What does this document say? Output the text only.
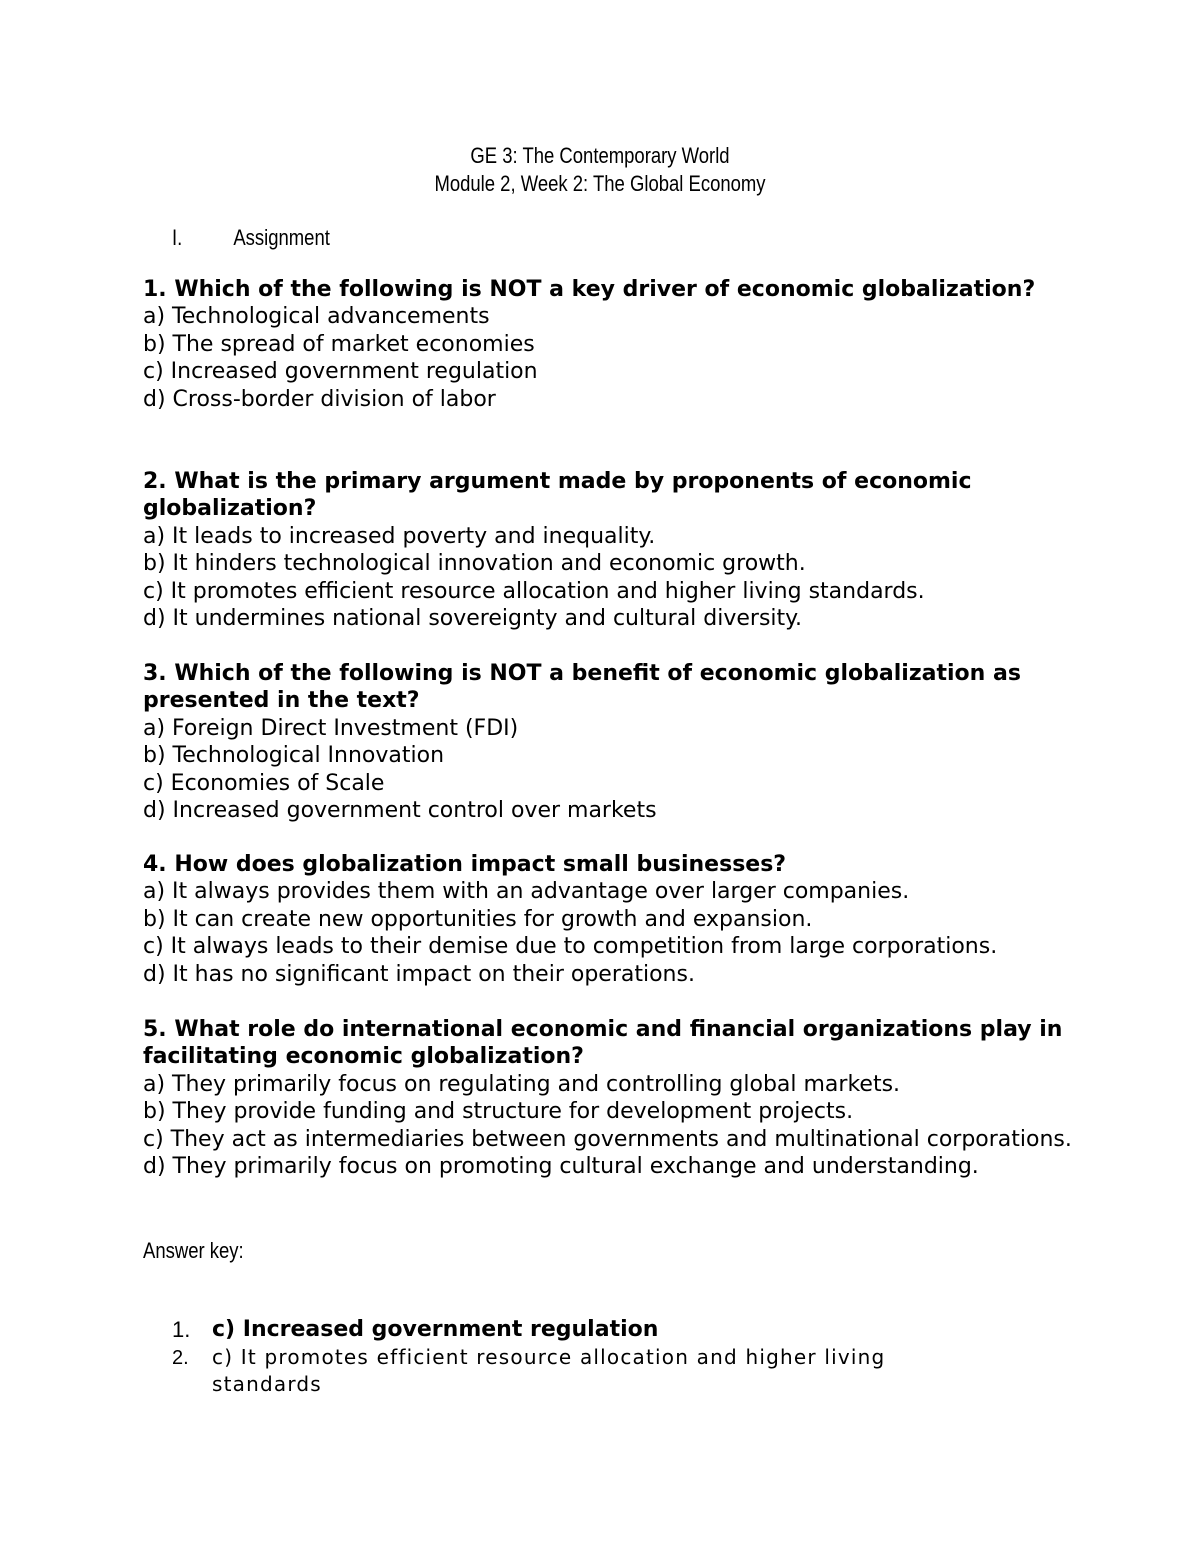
GE 3: The Contemporary World
Module 2, Week 2: The Global Economy
I. Assignment
1. Which of the following is NOT a key driver of economic globalization?
a) Technological advancements
b) The spread of market economies
c) Increased government regulation
d) Cross-border division of labor
2. What is the primary argument made by proponents of economic globalization?
a) It leads to increased poverty and inequality.
b) It hinders technological innovation and economic growth.
c) It promotes efficient resource allocation and higher living standards.
d) It undermines national sovereignty and cultural diversity.
3. Which of the following is NOT a benefit of economic globalization as presented in the text?
a) Foreign Direct Investment (FDI)
b) Technological Innovation
c) Economies of Scale
d) Increased government control over markets
4. How does globalization impact small businesses?
a) It always provides them with an advantage over larger companies.
b) It can create new opportunities for growth and expansion.
c) It always leads to their demise due to competition from large corporations.
d) It has no significant impact on their operations.
5. What role do international economic and financial organizations play in facilitating economic globalization?
a) They primarily focus on regulating and controlling global markets.
b) They provide funding and structure for development projects.
c) They act as intermediaries between governments and multinational corporations.
d) They primarily focus on promoting cultural exchange and understanding.
Answer key:
1. c) Increased government regulation
2. c) It promotes efficient resource allocation and higher living standards
